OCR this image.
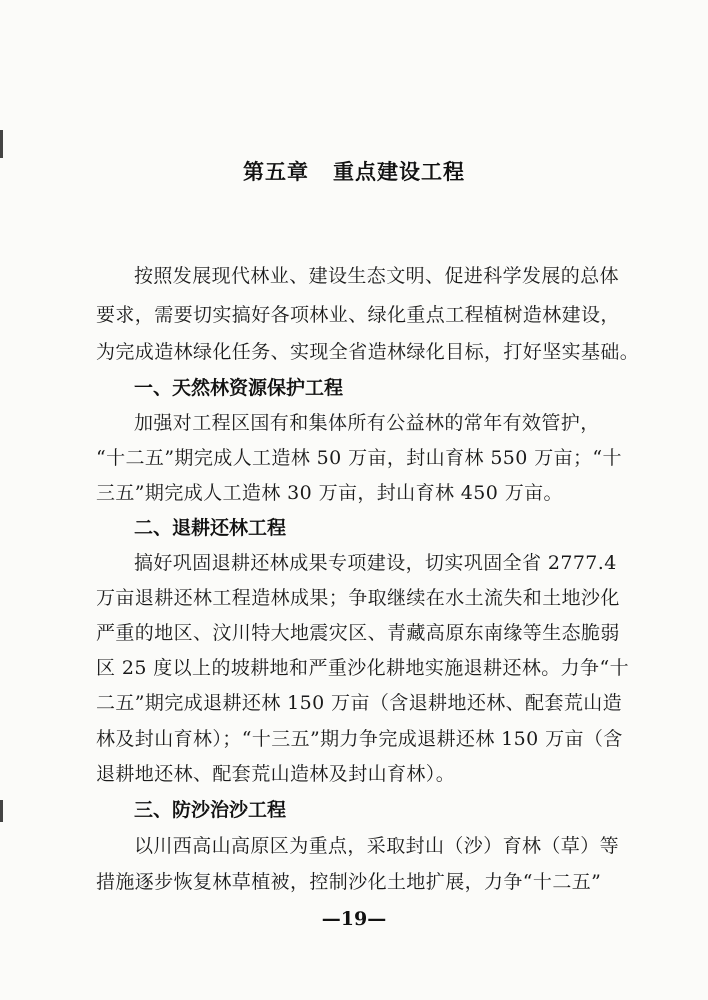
第五章 重点建设工程
按照发展现代林业、建设生态文明、促进科学发展的总体
要求，需要切实搞好各项林业、绿化重点工程植树造林建设，
为完成造林绿化任务、实现全省造林绿化目标，打好坚实基础。
一、天然林资源保护工程
加强对工程区国有和集体所有公益林的常年有效管护，
“十二五”期完成人工造林 50 万亩，封山育林 550 万亩；“十
三五”期完成人工造林 30 万亩，封山育林 450 万亩。
二、退耕还林工程
搞好巩固退耕还林成果专项建设，切实巩固全省 2777.4
万亩退耕还林工程造林成果；争取继续在水土流失和土地沙化
严重的地区、汶川特大地震灾区、青藏高原东南缘等生态脆弱
区 25 度以上的坡耕地和严重沙化耕地实施退耕还林。力争“十
二五”期完成退耕还林 150 万亩（含退耕地还林、配套荒山造
林及封山育林）；“十三五”期力争完成退耕还林 150 万亩（含
退耕地还林、配套荒山造林及封山育林）。
三、防沙治沙工程
以川西高山高原区为重点，采取封山（沙）育林（草）等
措施逐步恢复林草植被，控制沙化土地扩展，力争“十二五”
—19—
